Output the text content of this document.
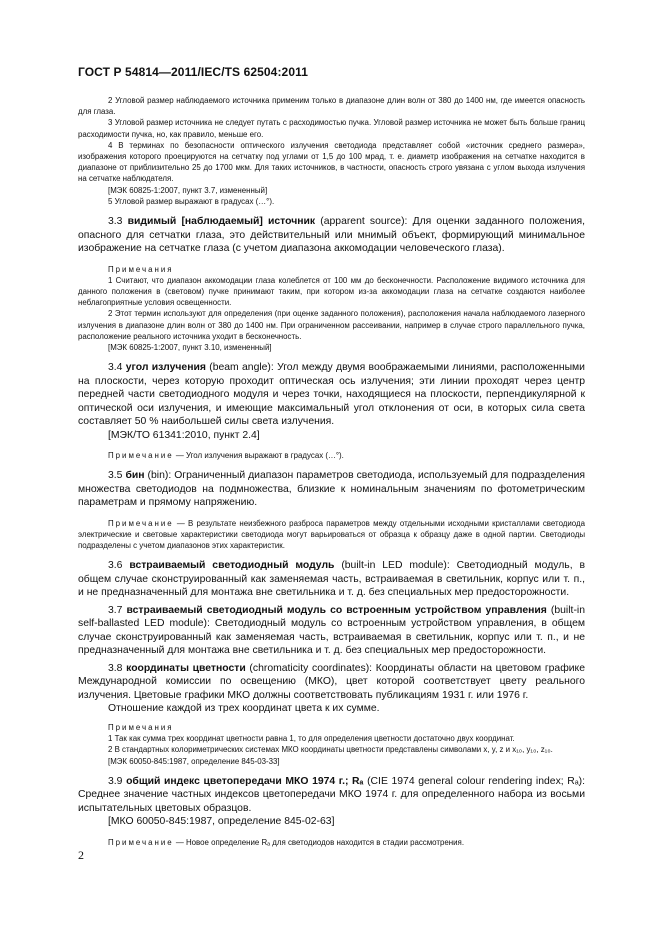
ГОСТ Р 54814—2011/IEC/TS 62504:2011

2 Угловой размер наблюдаемого источника применим только в диапазоне длин волн от 380 до 1400 нм, где имеется опасность для глаза.

3 Угловой размер источника не следует путать с расходимостью пучка. Угловой размер источника не может быть больше границ расходимости пучка, но, как правило, меньше его.

4 В терминах по безопасности оптического излучения светодиода представляет собой «источник среднего размера», изображения которого проецируются на сетчатку под углами от 1,5 до 100 мрад, т. е. диаметр изображения на сетчатке находится в диапазоне от приблизительно 25 до 1700 мкм. Для таких источников, в частности, опасность строго увязана с углом выхода излучения на сетчатке наблюдателя.

[МЭК 60825-1:2007, пункт 3.7, измененный]

5 Угловой размер выражают в градусах (…°).

3.3 видимый [наблюдаемый] источник (apparent source): Для оценки заданного положения, опасного для сетчатки глаза, это действительный или мнимый объект, формирующий минимальное изображение на сетчатке глаза (с учетом диапазона аккомодации человеческого глаза).

Примечания

1 Считают, что диапазон аккомодации глаза колеблется от 100 мм до бесконечности. Расположение видимого источника для данного положения в (световом) пучке принимают таким, при котором из-за аккомодации глаза на сетчатке создаются наиболее неблагоприятные условия освещенности.

2 Этот термин используют для определения (при оценке заданного положения), расположения начала наблюдаемого лазерного излучения в диапазоне длин волн от 380 до 1400 нм. При ограниченном рассеивании, например в случае строго параллельного пучка, расположение реального источника уходит в бесконечность.

[МЭК 60825-1:2007, пункт 3.10, измененный]

3.4 угол излучения (beam angle): Угол между двумя воображаемыми линиями, расположенными на плоскости, через которую проходит оптическая ось излучения; эти линии проходят через центр передней части светодиодного модуля и через точки, находящиеся на плоскости, перпендикулярной к оптической оси излучения, и имеющие максимальный угол отклонения от оси, в которых сила света составляет 50 % наибольшей силы света излучения.

[МЭК/ТО 61341:2010, пункт 2.4]

Примечание — Угол излучения выражают в градусах (…°).

3.5 бин (bin): Ограниченный диапазон параметров светодиода, используемый для подразделения множества светодиодов на подмножества, близкие к номинальным значениям по фотометрическим параметрам и прямому напряжению.

Примечание — В результате неизбежного разброса параметров между отдельными исходными кристаллами светодиода электрические и световые характеристики светодиода могут варьироваться от образца к образцу даже в одной партии. Светодиоды подразделены с учетом диапазонов этих характеристик.

3.6 встраиваемый светодиодный модуль (built-in LED module): Светодиодный модуль, в общем случае сконструированный как заменяемая часть, встраиваемая в светильник, корпус или т. п., и не предназначенный для монтажа вне светильника и т. д. без специальных мер предосторожности.

3.7 встраиваемый светодиодный модуль со встроенным устройством управления (built-in self-ballasted LED module): Светодиодный модуль со встроенным устройством управления, в общем случае сконструированный как заменяемая часть, встраиваемая в светильник, корпус или т. п., и не предназначенный для монтажа вне светильника и т. д. без специальных мер предосторожности.

3.8 координаты цветности (chromaticity coordinates): Координаты области на цветовом графике Международной комиссии по освещению (МКО), цвет которой соответствует цвету реального излучения. Цветовые графики МКО должны соответствовать публикациям 1931 г. или 1976 г.

Отношение каждой из трех координат цвета к их сумме.

Примечания

1 Так как сумма трех координат цветности равна 1, то для определения цветности достаточно двух координат.

2 В стандартных колориметрических системах МКО координаты цветности представлены символами x, y, z и x₁₀, y₁₀, z₁₀.

[МЭК 60050-845:1987, определение 845-03-33]

3.9 общий индекс цветопередачи МКО 1974 г.; Rₐ (CIE 1974 general colour rendering index; Rₐ): Среднее значение частных индексов цветопередачи МКО 1974 г. для определенного набора из восьми испытательных цветовых образцов.

[МКО 60050-845:1987, определение 845-02-63]

Примечание — Новое определение Rₐ для светодиодов находится в стадии рассмотрения.

2
